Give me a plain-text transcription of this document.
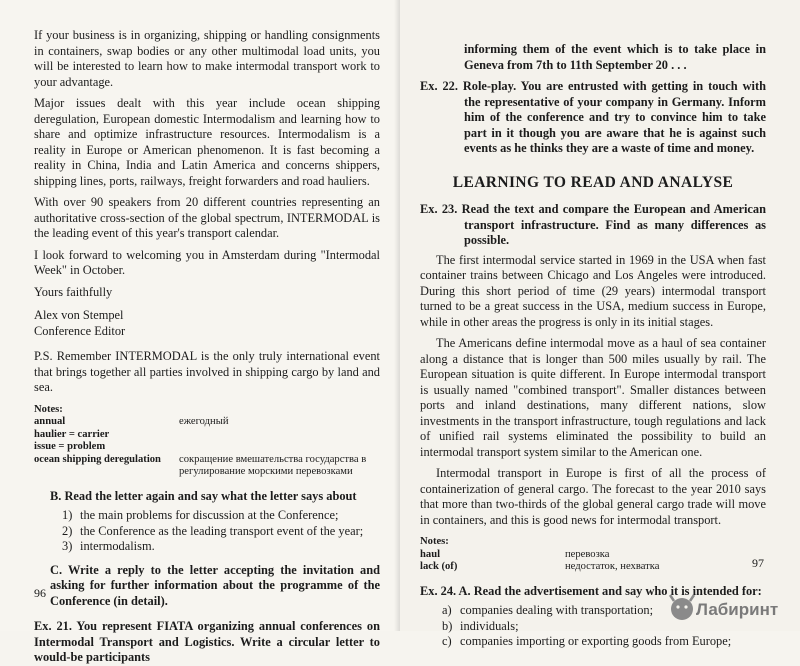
If your business is in organizing, shipping or handling consignments in containers, swap bodies or any other multimodal load units, you will be interested to learn how to make intermodal transport work to your advantage.

Major issues dealt with this year include ocean shipping deregulation, European domestic Intermodalism and learning how to share and optimize infrastructure resources. Intermodalism is a reality in Europe or American phenomenon. It is fast becoming a reality in China, India and Latin America and concerns shippers, shipping lines, ports, railways, freight forwarders and road hauliers.

With over 90 speakers from 20 different countries representing an authoritative cross-section of the global spectrum, INTERMODAL is the leading event of this year's transport calendar.

I look forward to welcoming you in Amsterdam during "Intermodal Week" in October.

Yours faithfully

Alex von Stempel

Conference Editor

P.S. Remember INTERMODAL is the only truly international event that brings together all parties involved in shipping cargo by land and sea.

Notes:
annual	ежегодный
haulier = carrier
issue = problem
ocean shipping deregulation	сокращение вмешательства государства в регулирование морскими перевозками
B. Read the letter again and say what the letter says about
1) the main problems for discussion at the Conference;
2) the Conference as the leading transport event of the year;
3) intermodalism.
C. Write a reply to the letter accepting the invitation and asking for further information about the programme of the Conference (in detail).
Ex. 21. You represent FIATA organizing annual conferences on Intermodal Transport and Logistics. Write a circular letter to would-be participants
96
informing them of the event which is to take place in Geneva from 7th to 11th September 20 . . .
Ex. 22. Role-play. You are entrusted with getting in touch with the representative of your company in Germany. Inform him of the conference and try to convince him to take part in it though you are aware that he is against such events as he thinks they are a waste of time and money.
LEARNING TO READ AND ANALYSE
Ex. 23. Read the text and compare the European and American transport infrastructure. Find as many differences as possible.

The first intermodal service started in 1969 in the USA when fast container trains between Chicago and Los Angeles were introduced. During this short period of time (29 years) intermodal transport turned to be a great success in the USA, medium success in Europe, while in other areas the progress is only in its initial stages.

The Americans define intermodal move as a haul of sea container along a distance that is longer than 500 miles usually by rail. The European situation is quite different. In Europe intermodal transport is usually named "combined transport". Smaller distances between ports and inland destinations, many different nations, slow investments in the transport infrastructure, tough regulations and lack of unified rail systems eliminated the possibility to build an intermodal transport system similar to the American one.

Intermodal transport in Europe is first of all the process of containerization of general cargo. The forecast to the year 2010 says that more than two-thirds of the global general cargo trade will move in containers, and this is good news for intermodal transport.

Notes:
haul	перевозка
lack (of)	недостаток, нехватка
Ex. 24. A. Read the advertisement and say who it is intended for:
a) companies dealing with transportation;
b) individuals;
c) companies importing or exporting goods from Europe;
97
Лабиринт
